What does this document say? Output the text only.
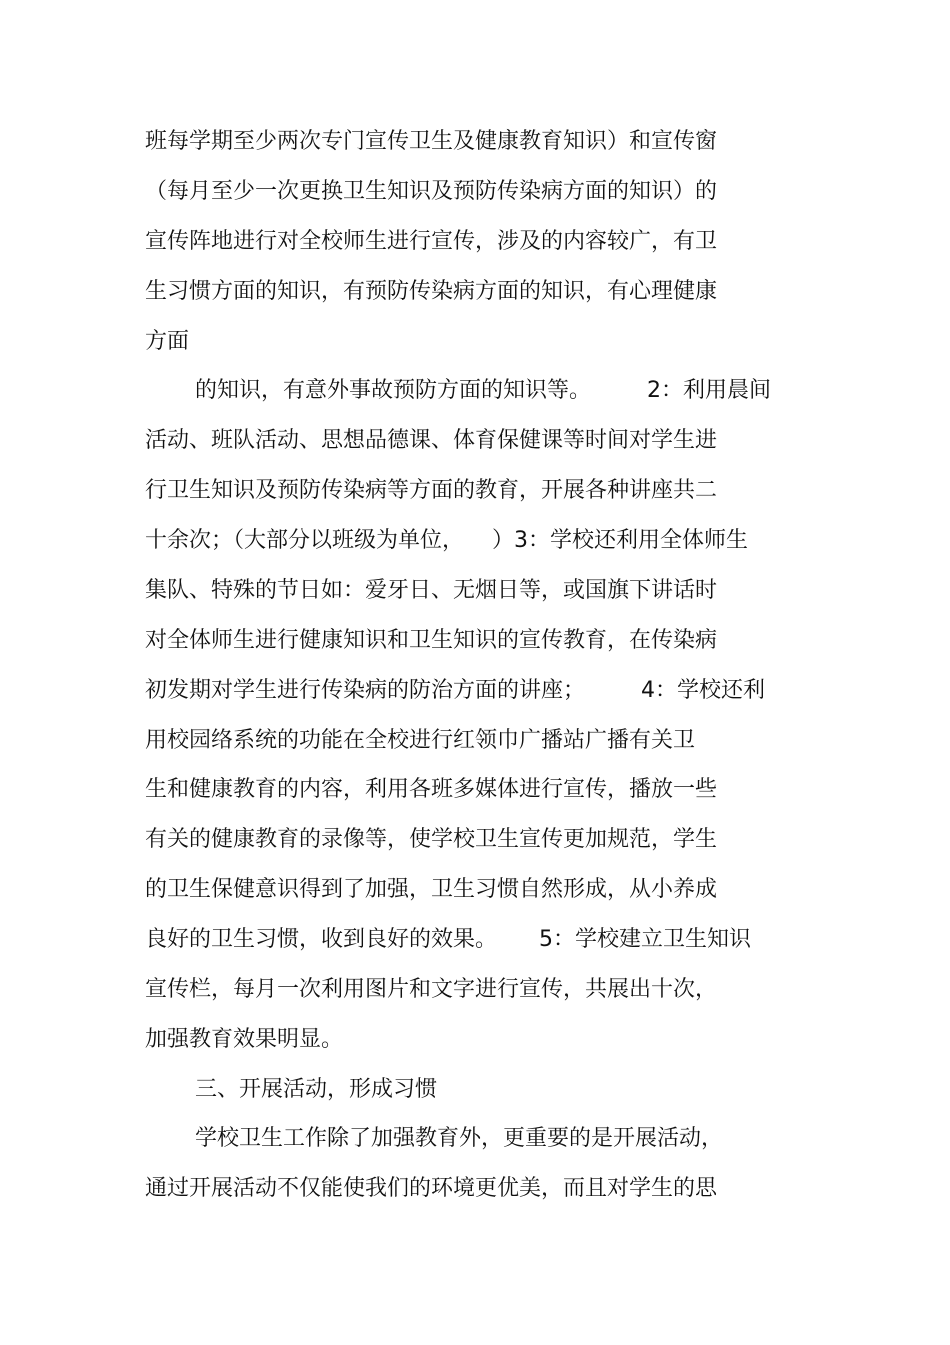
班每学期至少两次专门宣传卫生及健康教育知识）和宣传窗
（每月至少一次更换卫生知识及预防传染病方面的知识）的
宣传阵地进行对全校师生进行宣传，涉及的内容较广，有卫
生习惯方面的知识，有预防传染病方面的知识，有心理健康
方面
的知识，有意外事故预防方面的知识等。        2：利用晨间
活动、班队活动、思想品德课、体育保健课等时间对学生进
行卫生知识及预防传染病等方面的教育，开展各种讲座共二
十余次；（大部分以班级为单位，    ）3：学校还利用全体师生
集队、特殊的节日如：爱牙日、无烟日等，或国旗下讲话时
对全体师生进行健康知识和卫生知识的宣传教育，在传染病
初发期对学生进行传染病的防治方面的讲座；        4：学校还利
用校园络系统的功能在全校进行红领巾广播站广播有关卫
生和健康教育的内容，利用各班多媒体进行宣传，播放一些
有关的健康教育的录像等，使学校卫生宣传更加规范，学生
的卫生保健意识得到了加强，卫生习惯自然形成，从小养成
良好的卫生习惯，收到良好的效果。      5：学校建立卫生知识
宣传栏，每月一次利用图片和文字进行宣传，共展出十次，
加强教育效果明显。
三、开展活动，形成习惯
学校卫生工作除了加强教育外，更重要的是开展活动，
通过开展活动不仅能使我们的环境更优美，而且对学生的思
